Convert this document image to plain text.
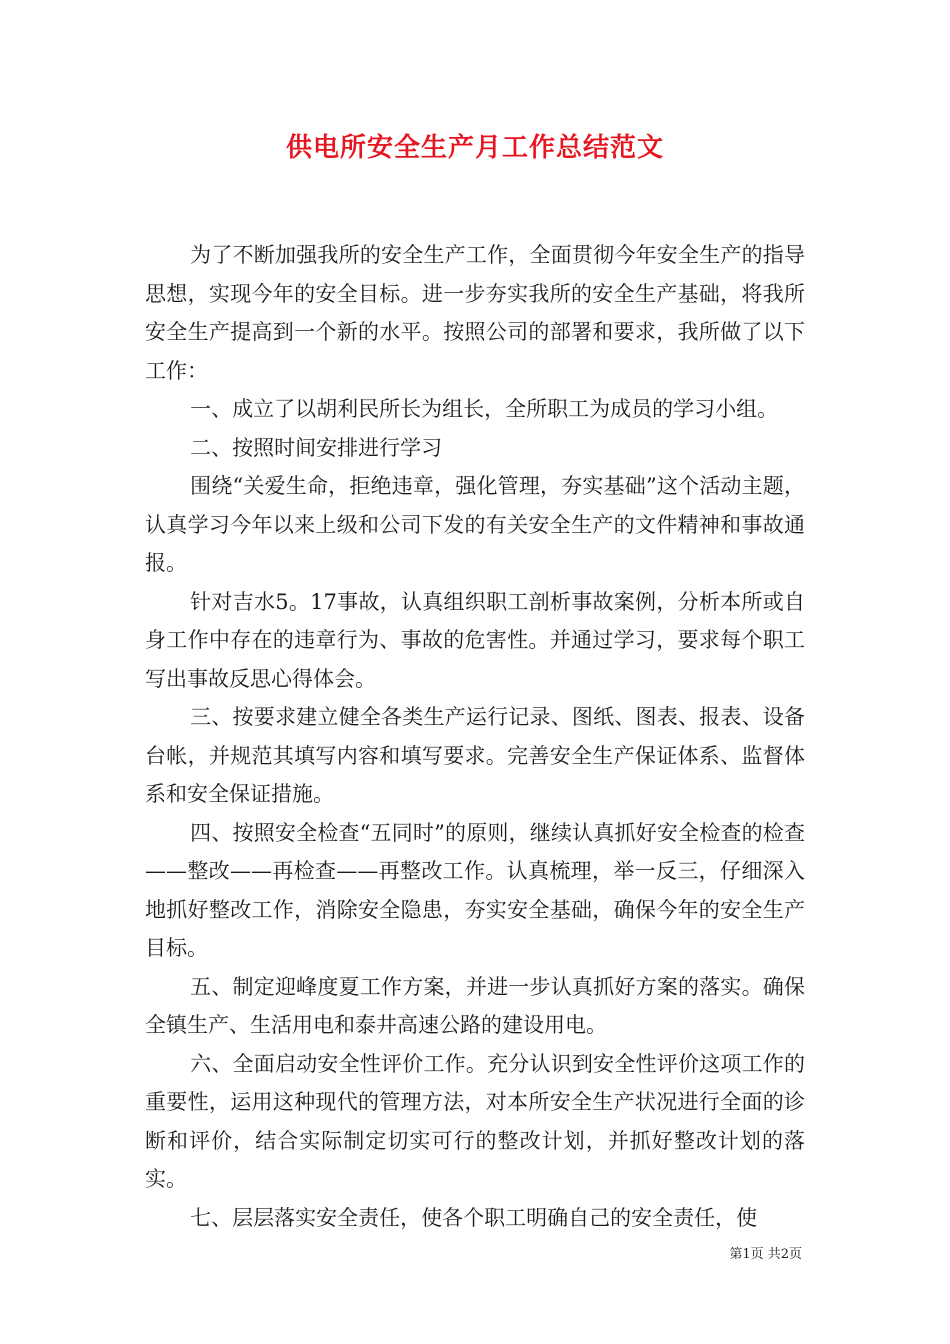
供电所安全生产月工作总结范文

为了不断加强我所的安全生产工作，全面贯彻今年安全生产的指导思想，实现今年的安全目标。进一步夯实我所的安全生产基础，将我所安全生产提高到一个新的水平。按照公司的部署和要求，我所做了以下工作：

一、成立了以胡利民所长为组长，全所职工为成员的学习小组。

二、按照时间安排进行学习

围绕“关爱生命，拒绝违章，强化管理，夯实基础”这个活动主题，认真学习今年以来上级和公司下发的有关安全生产的文件精神和事故通报。

针对吉水5。17事故，认真组织职工剖析事故案例，分析本所或自身工作中存在的违章行为、事故的危害性。并通过学习，要求每个职工写出事故反思心得体会。

三、按要求建立健全各类生产运行记录、图纸、图表、报表、设备台帐，并规范其填写内容和填写要求。完善安全生产保证体系、监督体系和安全保证措施。

四、按照安全检查“五同时”的原则，继续认真抓好安全检查的检查——整改——再检查——再整改工作。认真梳理，举一反三，仔细深入地抓好整改工作，消除安全隐患，夯实安全基础，确保今年的安全生产目标。

五、制定迎峰度夏工作方案，并进一步认真抓好方案的落实。确保全镇生产、生活用电和泰井高速公路的建设用电。

六、全面启动安全性评价工作。充分认识到安全性评价这项工作的重要性，运用这种现代的管理方法，对本所安全生产状况进行全面的诊断和评价，结合实际制定切实可行的整改计划，并抓好整改计划的落实。

七、层层落实安全责任，使各个职工明确自己的安全责任，使

第1页 共2页
